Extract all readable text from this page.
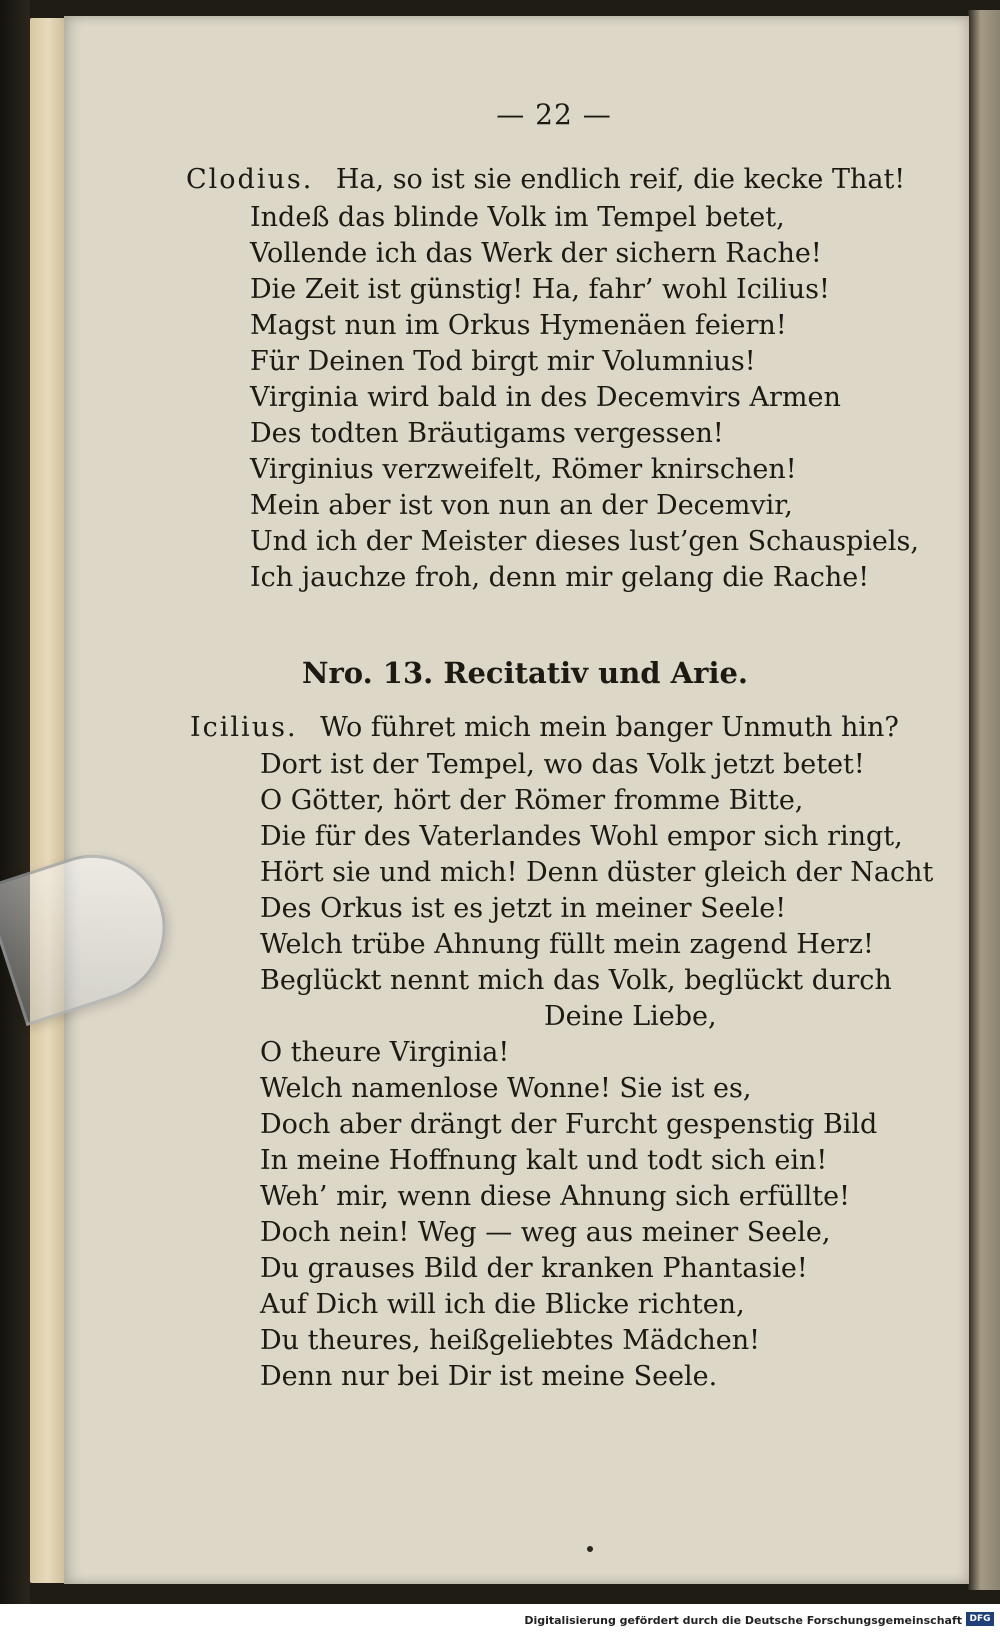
— 22 —
Clodius. Ha, so ist sie endlich reif, die kecke That!
Indeß das blinde Volk im Tempel betet,
Vollende ich das Werk der sichern Rache!
Die Zeit ist günstig! Ha, fahr’ wohl Icilius!
Magst nun im Orkus Hymenäen feiern!
Für Deinen Tod birgt mir Volumnius!
Virginia wird bald in des Decemvirs Armen
Des todten Bräutigams vergessen!
Virginius verzweifelt, Römer knirschen!
Mein aber ist von nun an der Decemvir,
Und ich der Meister dieses lust’gen Schauspiels,
Ich jauchze froh, denn mir gelang die Rache!
Nro. 13. Recitativ und Arie.
Icilius. Wo führet mich mein banger Unmuth hin?
Dort ist der Tempel, wo das Volk jetzt betet!
O Götter, hört der Römer fromme Bitte,
Die für des Vaterlandes Wohl empor sich ringt,
Hört sie und mich! Denn düster gleich der Nacht
Des Orkus ist es jetzt in meiner Seele!
Welch trübe Ahnung füllt mein zagend Herz!
Beglückt nennt mich das Volk, beglückt durch
Deine Liebe,
O theure Virginia!
Welch namenlose Wonne! Sie ist es,
Doch aber drängt der Furcht gespenstig Bild
In meine Hoffnung kalt und todt sich ein!
Weh’ mir, wenn diese Ahnung sich erfüllte!
Doch nein! Weg — weg aus meiner Seele,
Du grauses Bild der kranken Phantasie!
Auf Dich will ich die Blicke richten,
Du theures, heißgeliebtes Mädchen!
Denn nur bei Dir ist meine Seele.
Digitalisierung gefördert durch die Deutsche Forschungsgemeinschaft DFG
